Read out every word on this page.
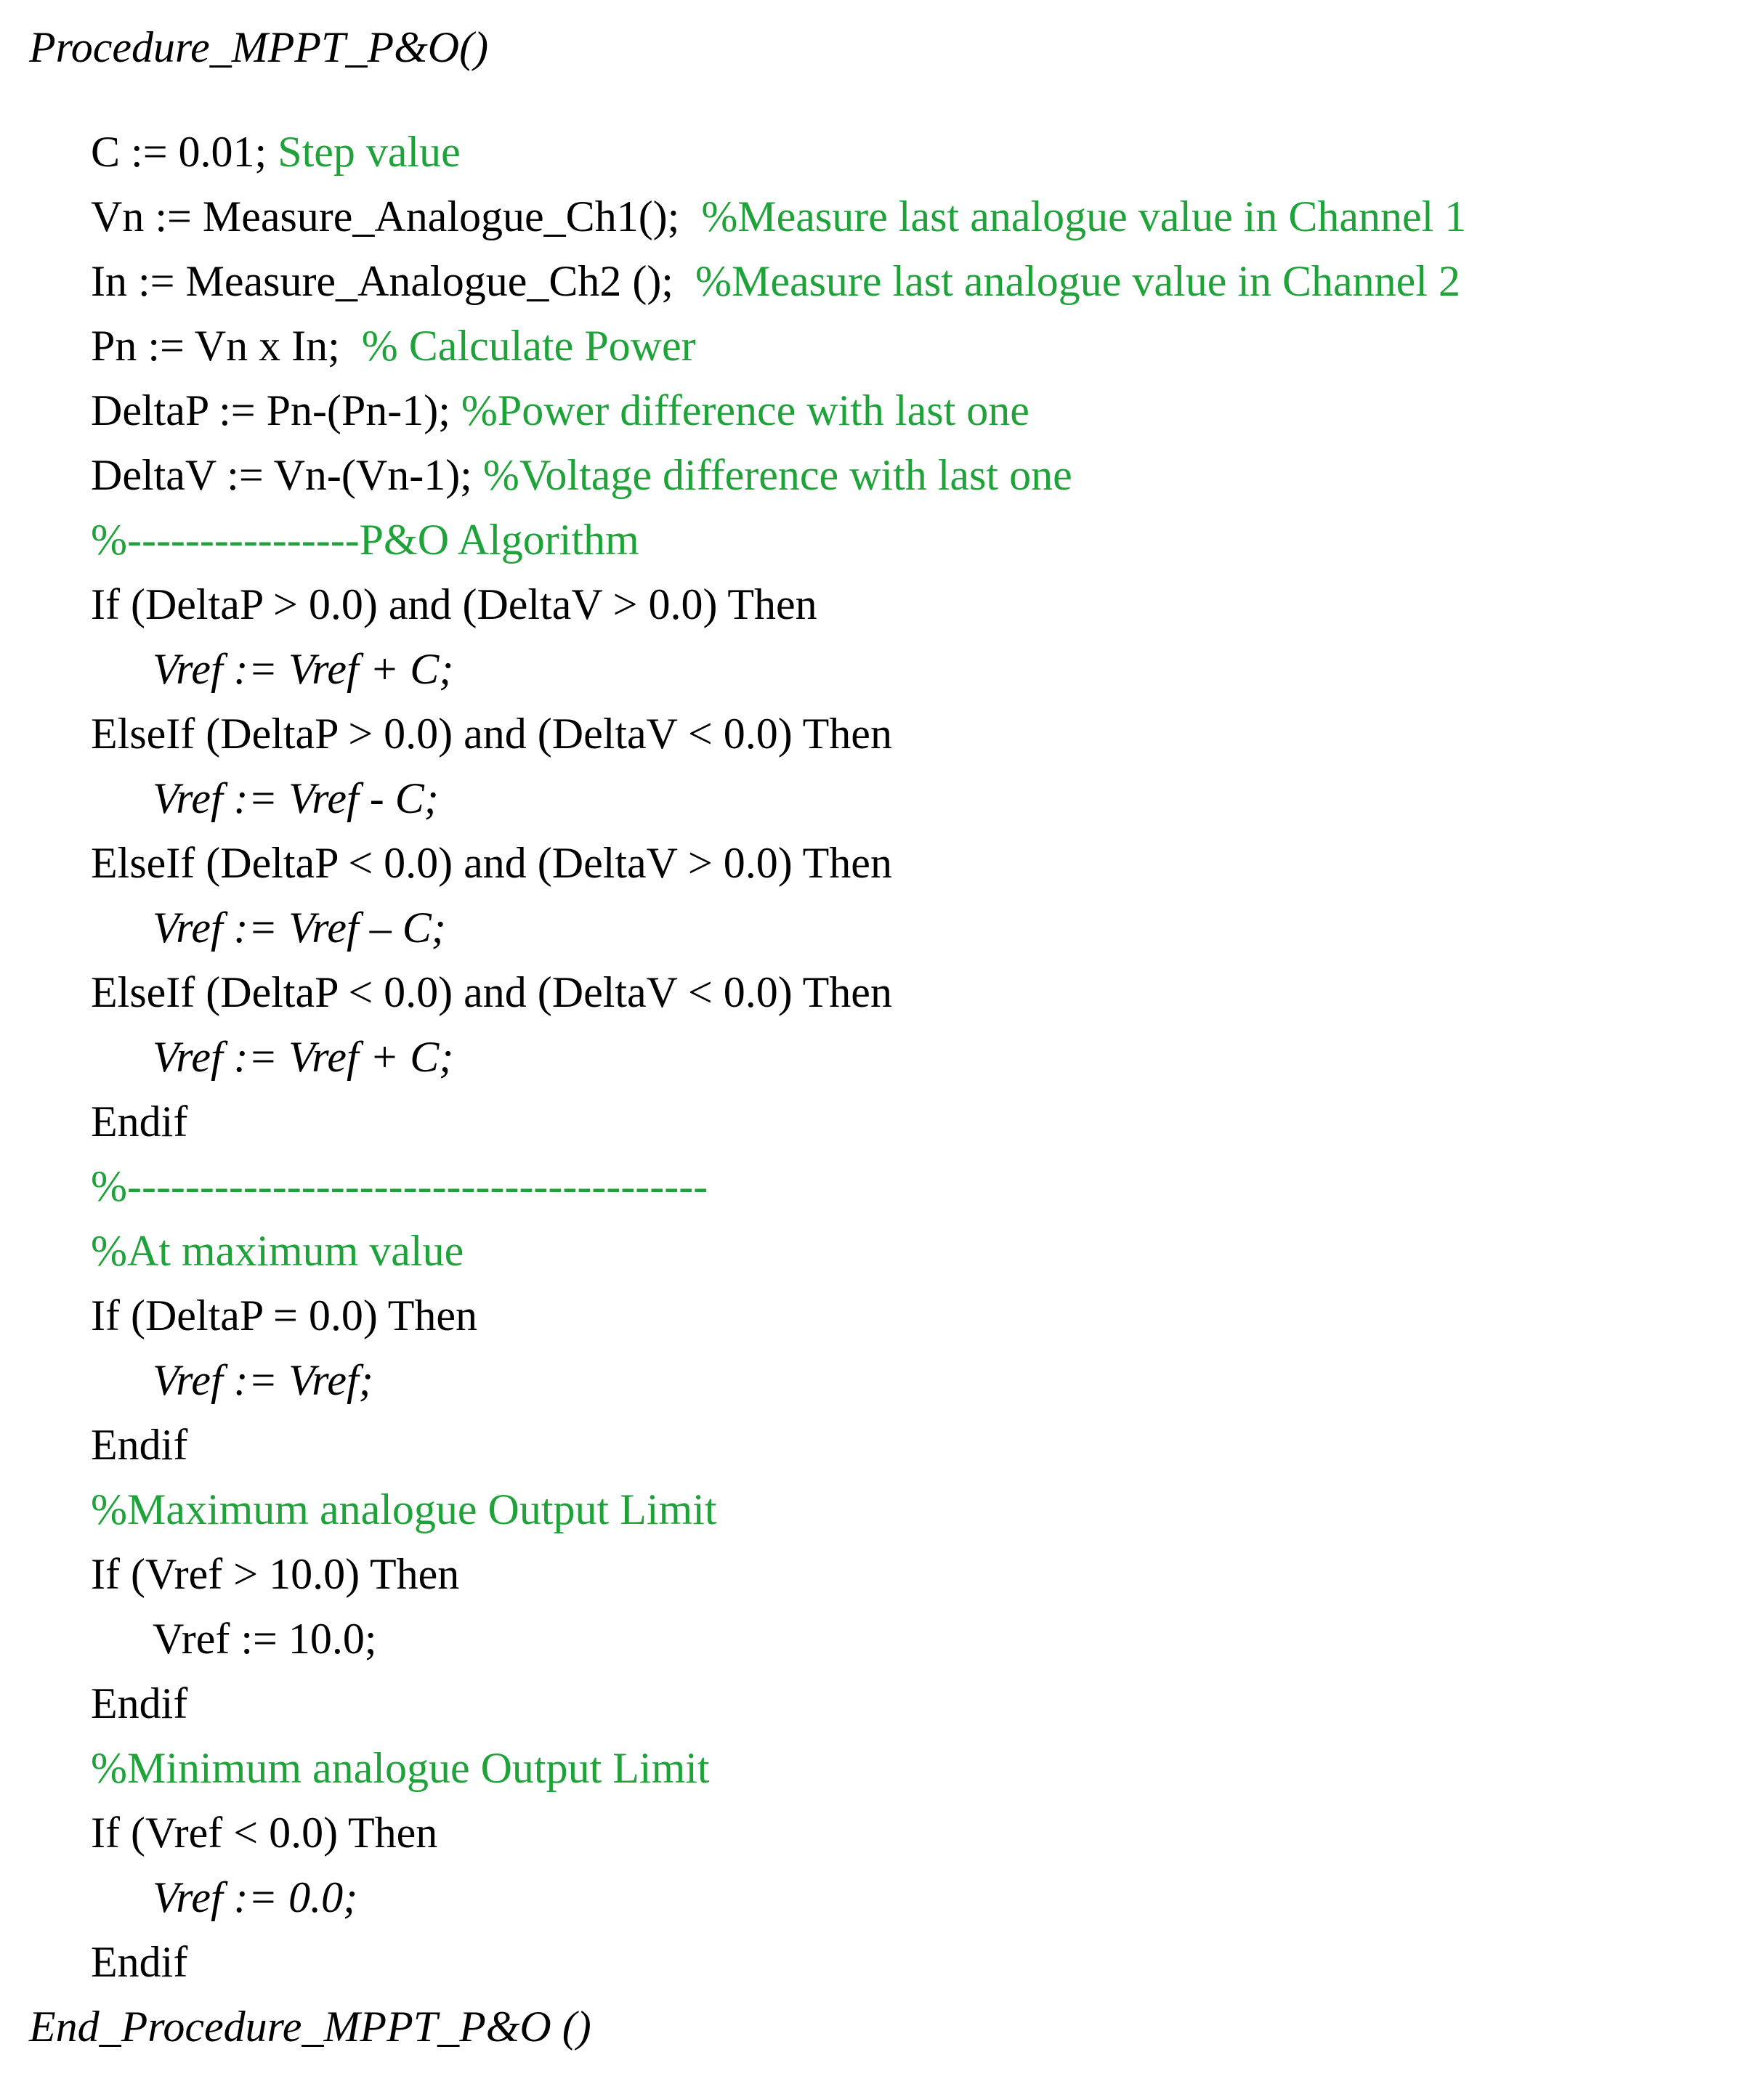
Procedure_MPPT_P&O()
C := 0.01; Step value
Vn := Measure_Analogue_Ch1();  %Measure last analogue value in Channel 1
In := Measure_Analogue_Ch2 ();  %Measure last analogue value in Channel 2
Pn := Vn x In;  % Calculate Power
DeltaP := Pn-(Pn-1); %Power difference with last one
DeltaV := Vn-(Vn-1); %Voltage difference with last one
%----------------P&O Algorithm
If (DeltaP > 0.0) and (DeltaV > 0.0) Then
Vref := Vref + C;
ElseIf (DeltaP > 0.0) and (DeltaV < 0.0) Then
Vref := Vref - C;
ElseIf (DeltaP < 0.0) and (DeltaV > 0.0) Then
Vref := Vref – C;
ElseIf (DeltaP < 0.0) and (DeltaV < 0.0) Then
Vref := Vref + C;
Endif
%----------------------------------------
%At maximum value
If (DeltaP = 0.0) Then
Vref := Vref;
Endif
%Maximum analogue Output Limit
If (Vref > 10.0) Then
Vref := 10.0;
Endif
%Minimum analogue Output Limit
If (Vref < 0.0) Then
Vref := 0.0;
Endif
End_Procedure_MPPT_P&O ()
